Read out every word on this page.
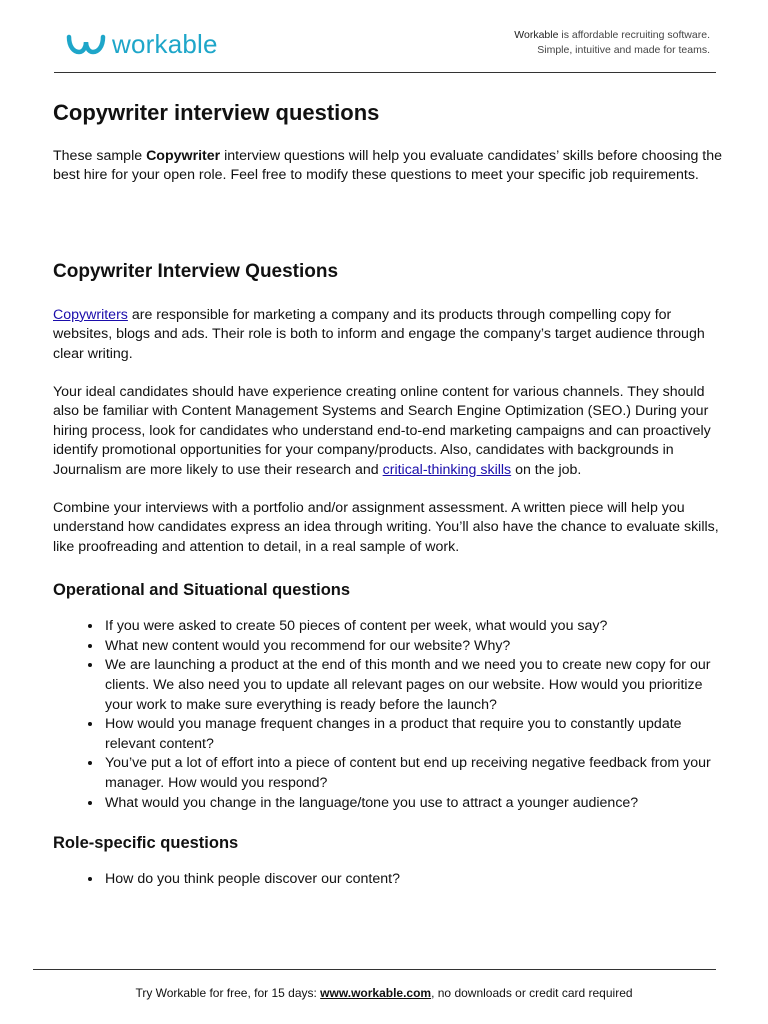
workable	Workable is affordable recruiting software.
Simple, intuitive and made for teams.
Copywriter interview questions

These sample Copywriter interview questions will help you evaluate candidates’ skills before choosing the best hire for your open role. Feel free to modify these questions to meet your specific job requirements.

Copywriter Interview Questions

Copywriters are responsible for marketing a company and its products through compelling copy for websites, blogs and ads. Their role is both to inform and engage the company’s target audience through clear writing.

Your ideal candidates should have experience creating online content for various channels. They should also be familiar with Content Management Systems and Search Engine Optimization (SEO.) During your hiring process, look for candidates who understand end-to-end marketing campaigns and can proactively identify promotional opportunities for your company/products. Also, candidates with backgrounds in Journalism are more likely to use their research and critical-thinking skills on the job.

Combine your interviews with a portfolio and/or assignment assessment. A written piece will help you understand how candidates express an idea through writing. You’ll also have the chance to evaluate skills, like proofreading and attention to detail, in a real sample of work.

Operational and Situational questions
• If you were asked to create 50 pieces of content per week, what would you say?
• What new content would you recommend for our website? Why?
• We are launching a product at the end of this month and we need you to create new copy for our clients. We also need you to update all relevant pages on our website. How would you prioritize your work to make sure everything is ready before the launch?
• How would you manage frequent changes in a product that require you to constantly update relevant content?
• You’ve put a lot of effort into a piece of content but end up receiving negative feedback from your manager. How would you respond?
• What would you change in the language/tone you use to attract a younger audience?
Role-specific questions
• How do you think people discover our content?
Try Workable for free, for 15 days: www.workable.com, no downloads or credit card required
